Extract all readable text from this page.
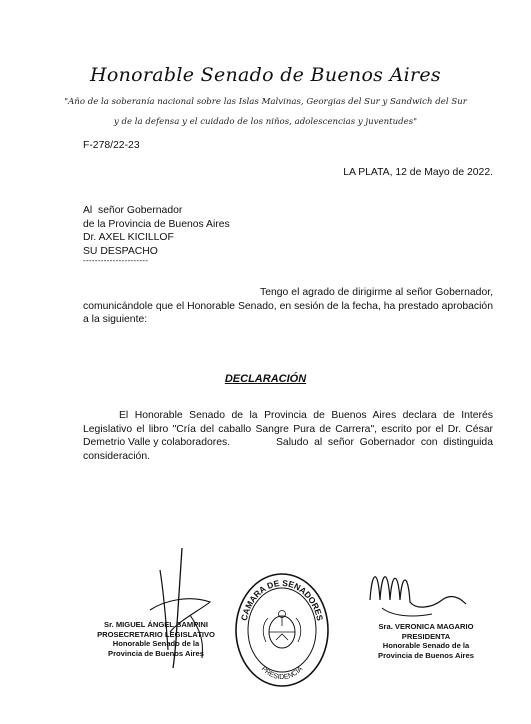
Honorable Senado de Buenos Aires
"Año de la soberanía nacional sobre las Islas Malvinas, Georgias del Sur y Sandwich del Sur
y de la defensa y el cuidado de los niños, adolescencias y juventudes"
F-278/22-23
LA PLATA, 12 de Mayo de 2022.
Al  señor Gobernador
de la Provincia de Buenos Aires
Dr. AXEL KICILLOF
SU DESPACHO
----------------------
Tengo el agrado de dirigirme al señor Gobernador, comunicándole que el Honorable Senado, en sesión de la fecha, ha prestado aprobación a la siguiente:
DECLARACIÓN
El Honorable Senado de la Provincia de Buenos Aires declara de Interés Legislativo el libro "Cría del caballo Sangre Pura de Carrera", escrito por el Dr. César Demetrio Valle y colaboradores.	Saludo al señor Gobernador con distinguida consideración.
CAMARA DE SENADORES
PRESIDENCIA
Sr. MIGUEL ÁNGEL BAMPINI
PROSECRETARIO LEGISLATIVO
Honorable Senado de la
Provincia de Buenos Aires
Sra. VERONICA MAGARIO
PRESIDENTA
Honorable Senado de la
Provincia de Buenos Aires
